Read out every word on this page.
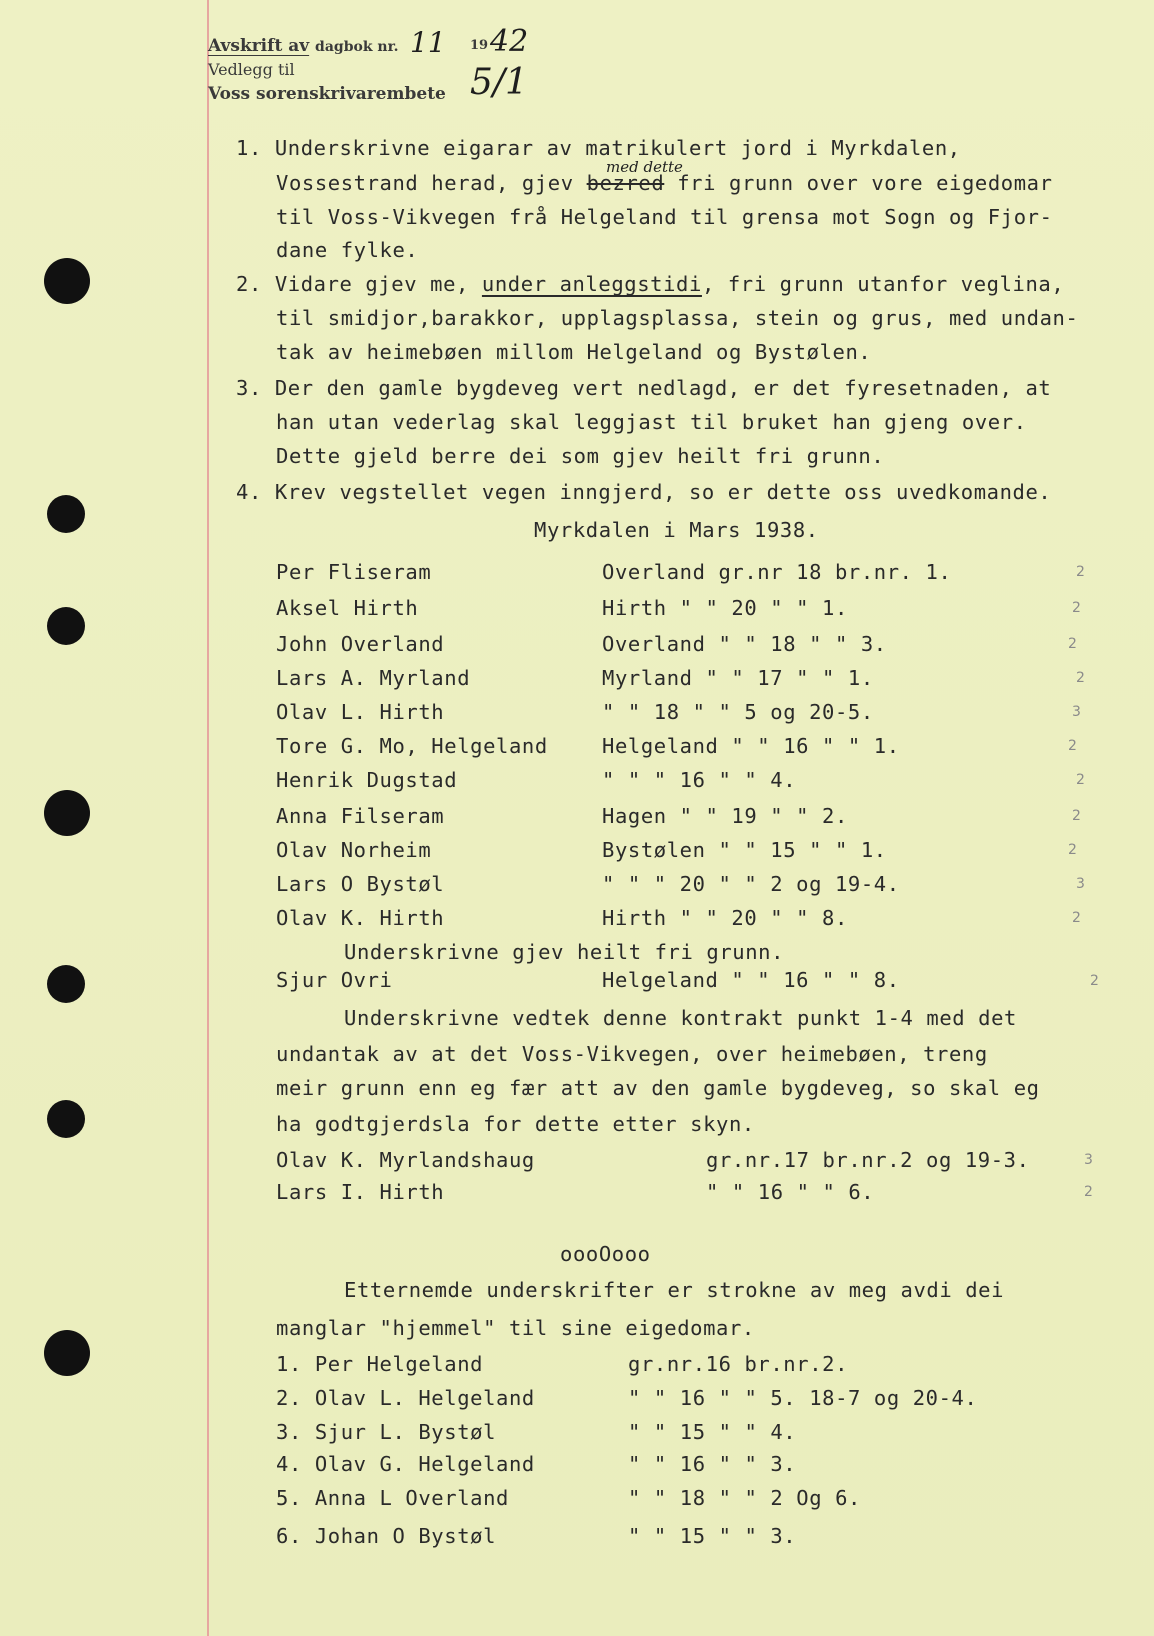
Avskrift av dagbok nr. 11 19 42
Vedlegg til	5/1
Voss sorenskrivarembete
1. Underskrivne eigarar av matrikulert jord i Myrkdalen,
med dette
Vossestrand herad, gjev bezred fri grunn over vore eigedomar
til Voss-Vikvegen frå Helgeland til grensa mot Sogn og Fjor-
dane fylke.
2. Vidare gjev me, under anleggstidi, fri grunn utanfor veglina,
til smidjor,barakkor, upplagsplassa, stein og grus, med undan-
tak av heimebøen millom Helgeland og Bystølen.
3. Der den gamle bygdeveg vert nedlagd, er det fyresetnaden, at
han utan vederlag skal leggjast til bruket han gjeng over.
Dette gjeld berre dei som gjev heilt fri grunn.
4. Krev vegstellet vegen inngjerd, so er dette oss uvedkomande.
Myrkdalen i Mars 1938.
Per Fliseram	Overland gr.nr 18 br.nr. 1.	2
Aksel Hirth	Hirth " " 20 " " 1.	2
John Overland	Overland " " 18 " " 3.	2
Lars A. Myrland	Myrland " " 17 " " 1.	2
Olav L. Hirth	" " 18 " " 5 og 20-5.	3
Tore G. Mo, Helgeland	Helgeland " " 16 " " 1.	2
Henrik Dugstad	" " " 16 " " 4.	2
Anna Filseram	Hagen " " 19 " " 2.	2
Olav Norheim	Bystølen " " 15 " " 1.	2
Lars O Bystøl	" " " 20 " " 2 og 19-4.	3
Olav K. Hirth	Hirth " " 20 " " 8.	2
Underskrivne gjev heilt fri grunn.
Sjur Ovri	Helgeland " " 16 " " 8.	2
Underskrivne vedtek denne kontrakt punkt 1-4 med det
undantak av at det Voss-Vikvegen, over heimebøen, treng
meir grunn enn eg fær att av den gamle bygdeveg, so skal eg
ha godtgjerdsla for dette etter skyn.
Olav K. Myrlandshaug	gr.nr.17 br.nr.2 og 19-3.	3
Lars I. Hirth	" " 16 " " 6.	2
oooOooo
Etternemde underskrifter er strokne av meg avdi dei
manglar "hjemmel" til sine eigedomar.
1. Per Helgeland	gr.nr.16 br.nr.2.
2. Olav L. Helgeland	" " 16 " " 5. 18-7 og 20-4.
3. Sjur L. Bystøl	" " 15 " " 4.
4. Olav G. Helgeland	" " 16 " " 3.
5. Anna L Overland	" " 18 " " 2 Og 6.
6. Johan O Bystøl	" " 15 " " 3.
